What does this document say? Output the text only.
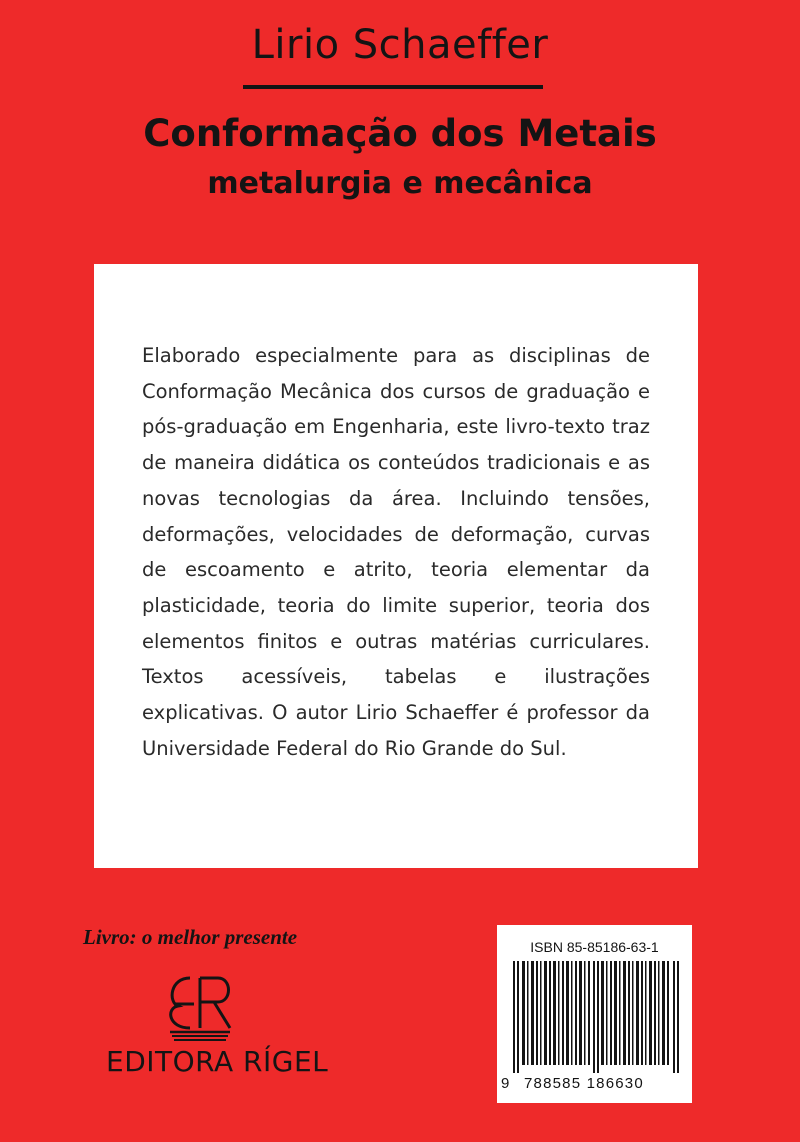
Lirio Schaeffer
Conformação dos Metais
metalurgia e mecânica

Elaborado especialmente para as disciplinas de Conformação Mecânica dos cursos de graduação e pós-graduação em Engenharia, este livro-texto traz de maneira didática os conteúdos tradicionais e as novas tecnologias da área. Incluindo tensões, deformações, velocidades de deformação, curvas de escoamento e atrito, teoria elementar da plasticidade, teoria do limite superior, teoria dos elementos finitos e outras matérias curriculares. Textos acessíveis, tabelas e ilustrações explicativas. O autor Lirio Schaeffer é professor da Universidade Federal do Rio Grande do Sul.

Livro: o melhor presente
EDITORA RÍGEL
ISBN 85-85186-63-1
9 788585 186630
